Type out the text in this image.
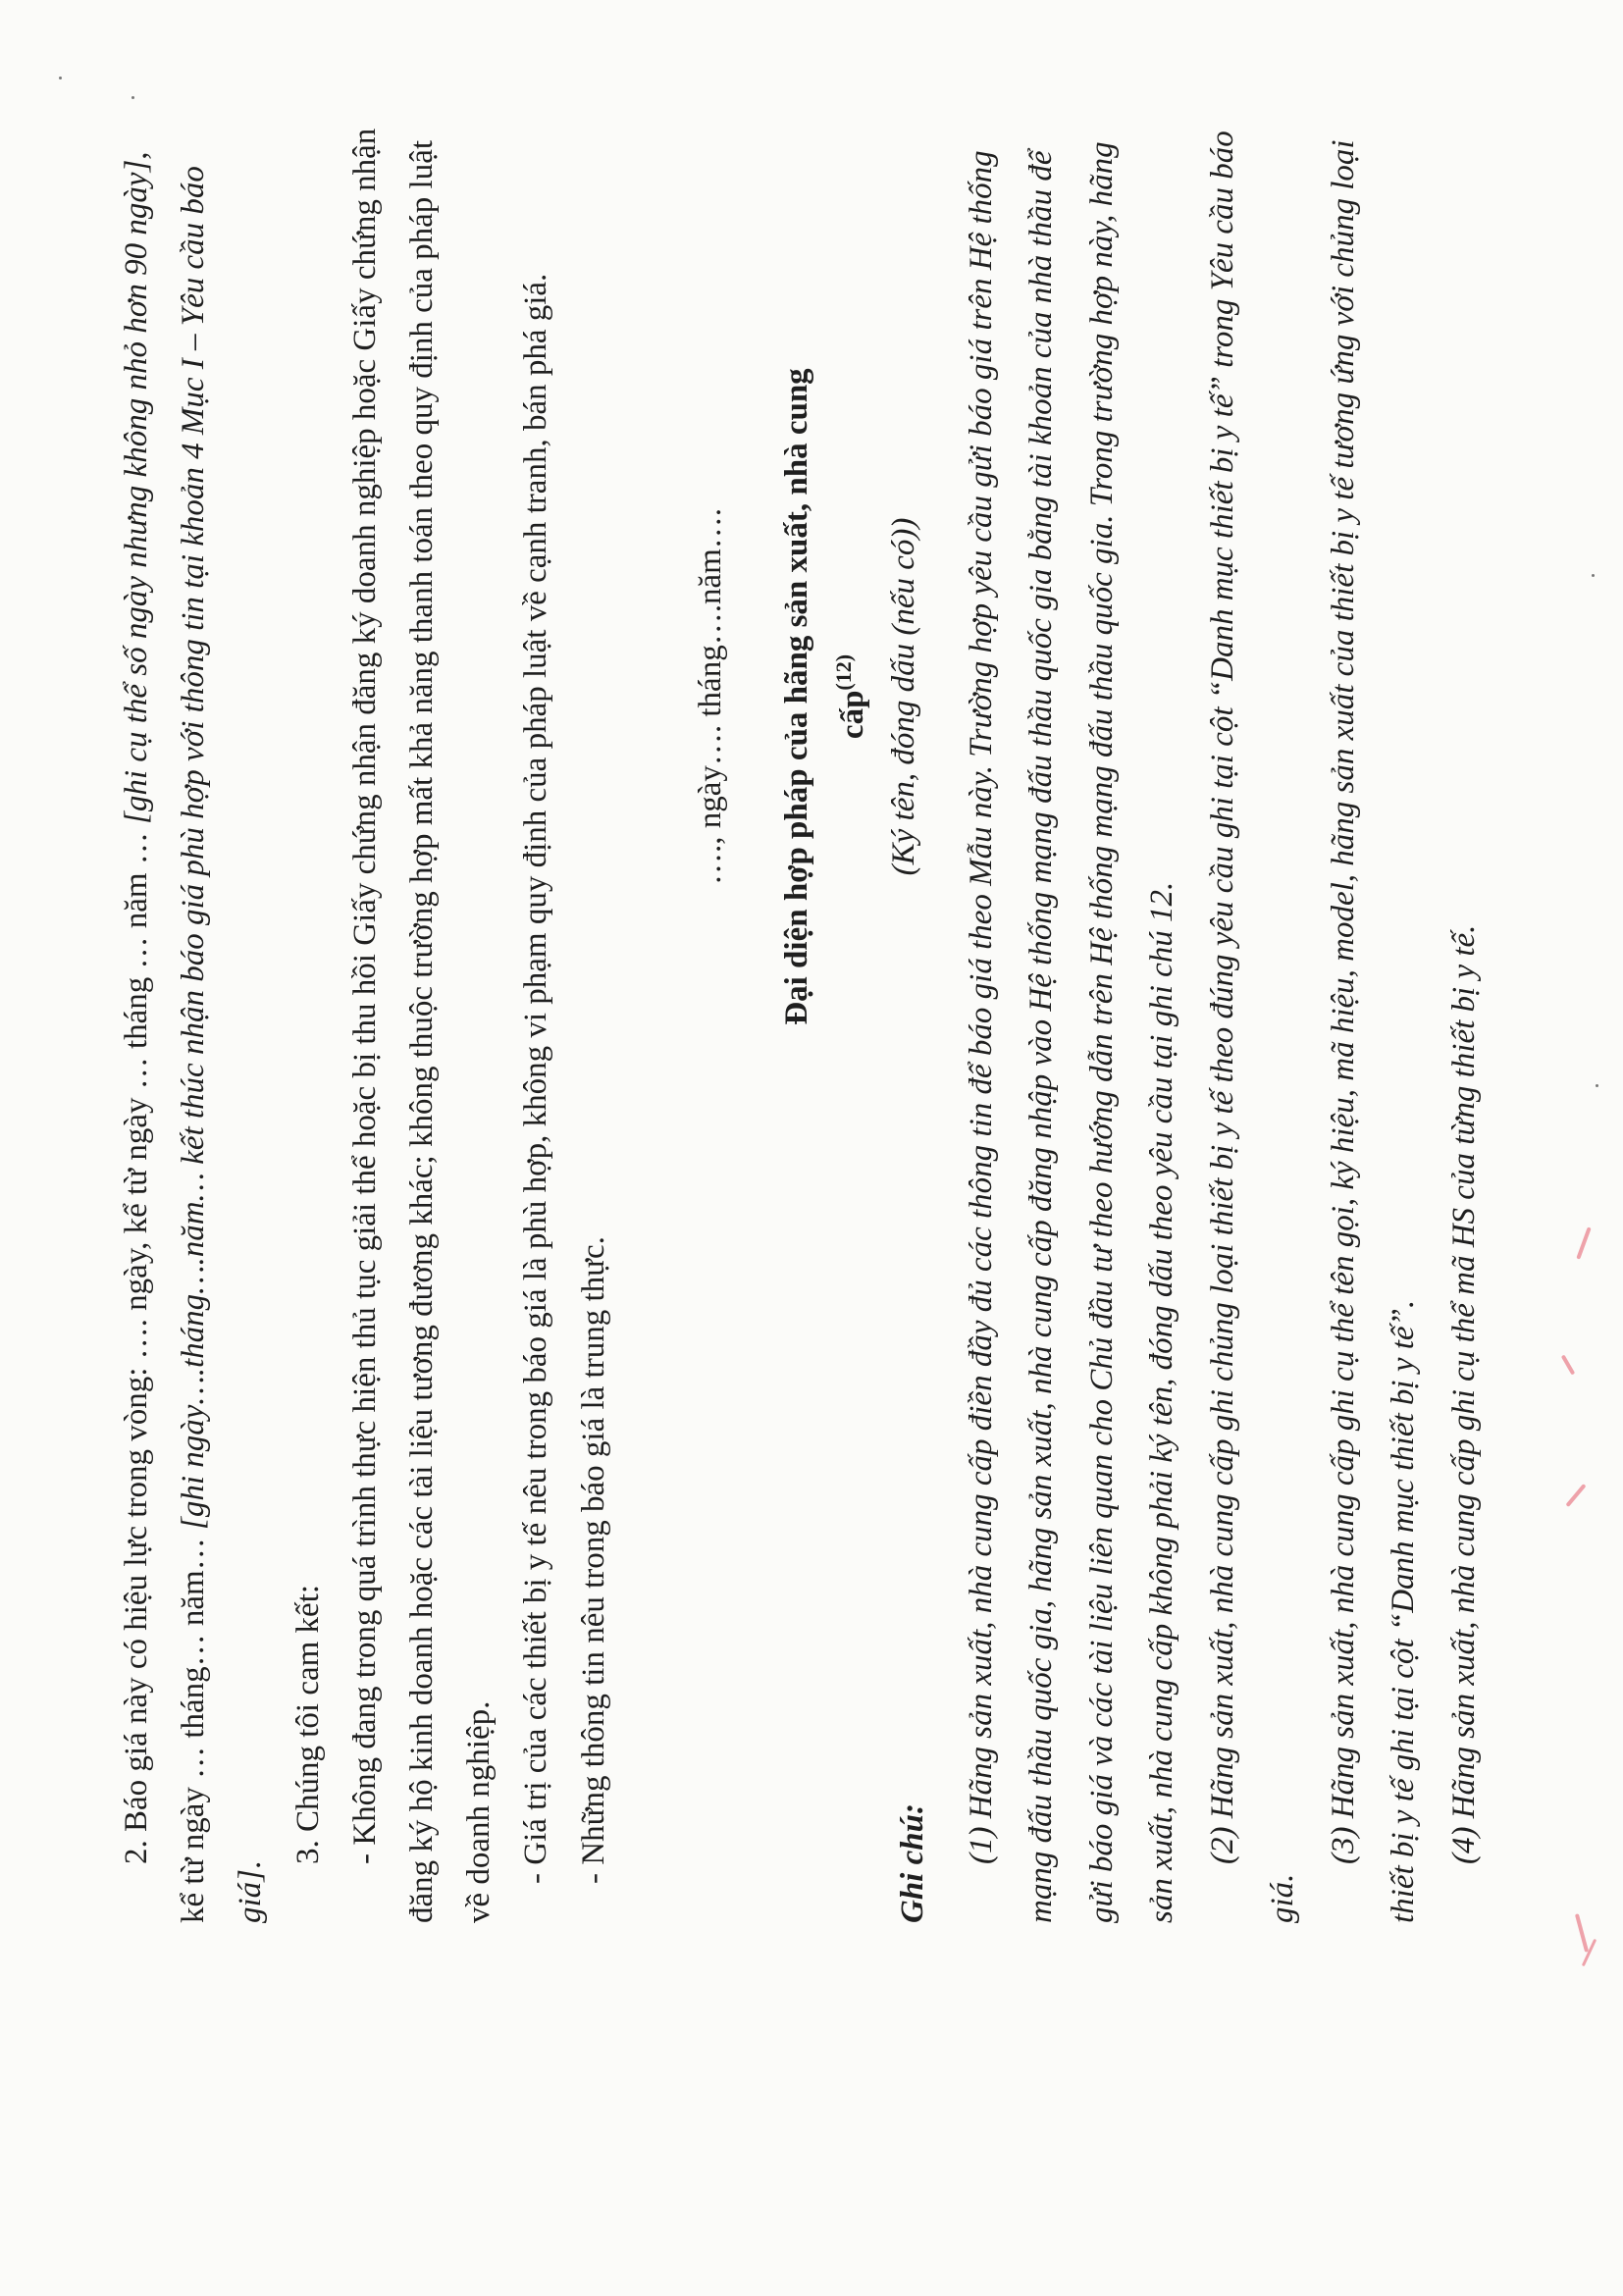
2. Báo giá này có hiệu lực trong vòng: …. ngày, kể từ ngày … tháng … năm … [ghi cụ thể số ngày nhưng không nhỏ hơn 90 ngày], kể từ ngày … tháng… năm… [ghi ngày….tháng….năm… kết thúc nhận báo giá phù hợp với thông tin tại khoản 4 Mục I – Yêu cầu báo giá].

3. Chúng tôi cam kết: - Không đang trong quá trình thực hiện thủ tục giải thể hoặc bị thu hồi Giấy chứng nhận đăng ký doanh nghiệp hoặc Giấy chứng nhận đăng ký hộ kinh doanh hoặc các tài liệu tương đương khác; không thuộc trường hợp mất khả năng thanh toán theo quy định của pháp luật về doanh nghiệp. - Giá trị của các thiết bị y tế nêu trong báo giá là phù hợp, không vi phạm quy định của pháp luật về cạnh tranh, bán phá giá. - Những thông tin nêu trong báo giá là trung thực.

…., ngày…. tháng….năm…. Đại diện hợp pháp của hãng sản xuất, nhà cung cấp$^{(12)}$ (Ký tên, đóng dấu (nếu có))

Ghi chú:	(1) Hãng sản xuất, nhà cung cấp điền đầy đủ các thông tin để báo giá theo Mẫu này. Trường hợp yêu cầu gửi báo giá trên Hệ thống mạng đấu thầu quốc gia, hãng sản xuất, nhà cung cấp đăng nhập vào Hệ thống mạng đấu thầu quốc gia bằng tài khoản của nhà thầu để gửi báo giá và các tài liệu liên quan cho Chủ đầu tư theo hướng dẫn trên Hệ thống mạng đấu thầu quốc gia. Trong trường hợp này, hãng sản xuất, nhà cung cấp không phải ký tên, đóng dấu theo yêu cầu tại ghi chú 12. (2) Hãng sản xuất, nhà cung cấp ghi chủng loại thiết bị y tế theo đúng yêu cầu ghi tại cột “Danh mục thiết bị y tế” trong Yêu cầu báo giá.

(3) Hãng sản xuất, nhà cung cấp ghi cụ thể tên gọi, ký hiệu, mã hiệu, model, hãng sản xuất của thiết bị y tế tương ứng với chủng loại thiết bị y tế ghi tại cột “Danh mục thiết bị y tế”. (4) Hãng sản xuất, nhà cung cấp ghi cụ thể mã HS của từng thiết bị y tế.
